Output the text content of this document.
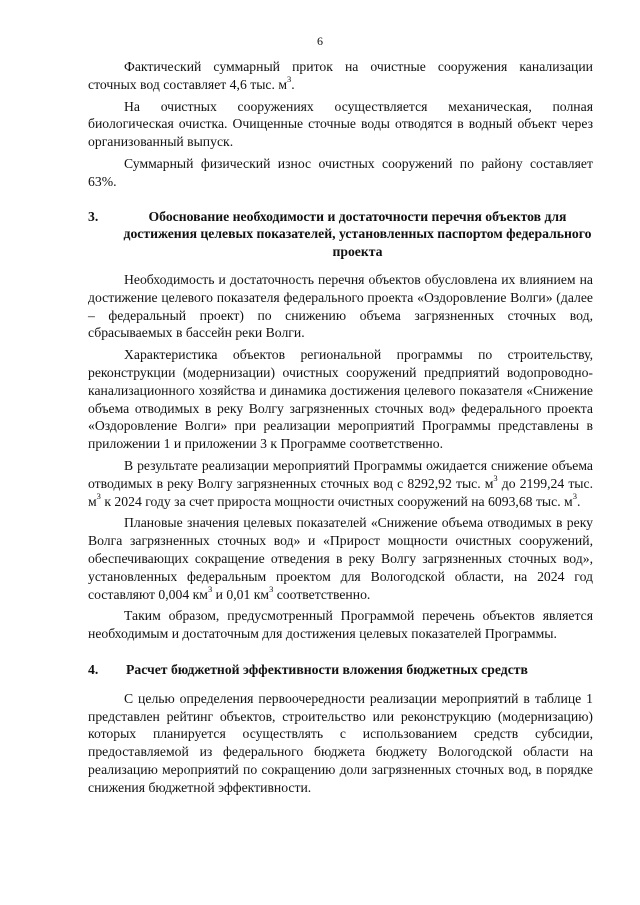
6

Фактический суммарный приток на очистные сооружения канализации сточных вод составляет 4,6 тыс. $м^3$.

На очистных сооружениях осуществляется механическая, полная биологическая очистка. Очищенные сточные воды отводятся в водный объект через организованный выпуск.

Суммарный физический износ очистных сооружений по району составляет 63%.

3.	Обоснование необходимости и достаточности перечня объектов для достижения целевых показателей, установленных паспортом федерального проекта

Необходимость и достаточность перечня объектов обусловлена их влиянием на достижение целевого показателя федерального проекта «Оздоровление Волги» (далее – федеральный проект) по снижению объема загрязненных сточных вод, сбрасываемых в бассейн реки Волги.

Характеристика объектов региональной программы по строительству, реконструкции (модернизации) очистных сооружений предприятий водопроводно-канализационного хозяйства и динамика достижения целевого показателя «Снижение объема отводимых в реку Волгу загрязненных сточных вод» федерального проекта «Оздоровление Волги» при реализации мероприятий Программы представлены в приложении 1 и приложении 3 к Программе соответственно.

В результате реализации мероприятий Программы ожидается снижение объема отводимых в реку Волгу загрязненных сточных вод с 8292,92 тыс. $м^3$ до 2199,24 тыс. $м^3$ к 2024 году за счет прироста мощности очистных сооружений на 6093,68 тыс. $м^3$.

Плановые значения целевых показателей «Снижение объема отводимых в реку Волга загрязненных сточных вод» и «Прирост мощности очистных сооружений, обеспечивающих сокращение отведения в реку Волгу загрязненных сточных вод», установленных федеральным проектом для Вологодской области, на 2024 год составляют 0,004 $км^3$ и 0,01 $км^3$ соответственно.

Таким образом, предусмотренный Программой перечень объектов является необходимым и достаточным для достижения целевых показателей Программы.

4.	Расчет бюджетной эффективности вложения бюджетных средств

С целью определения первоочередности реализации мероприятий в таблице 1 представлен рейтинг объектов, строительство или реконструкцию (модернизацию) которых планируется осуществлять с использованием средств субсидии, предоставляемой из федерального бюджета бюджету Вологодской области на реализацию мероприятий по сокращению доли загрязненных сточных вод, в порядке снижения бюджетной эффективности.
